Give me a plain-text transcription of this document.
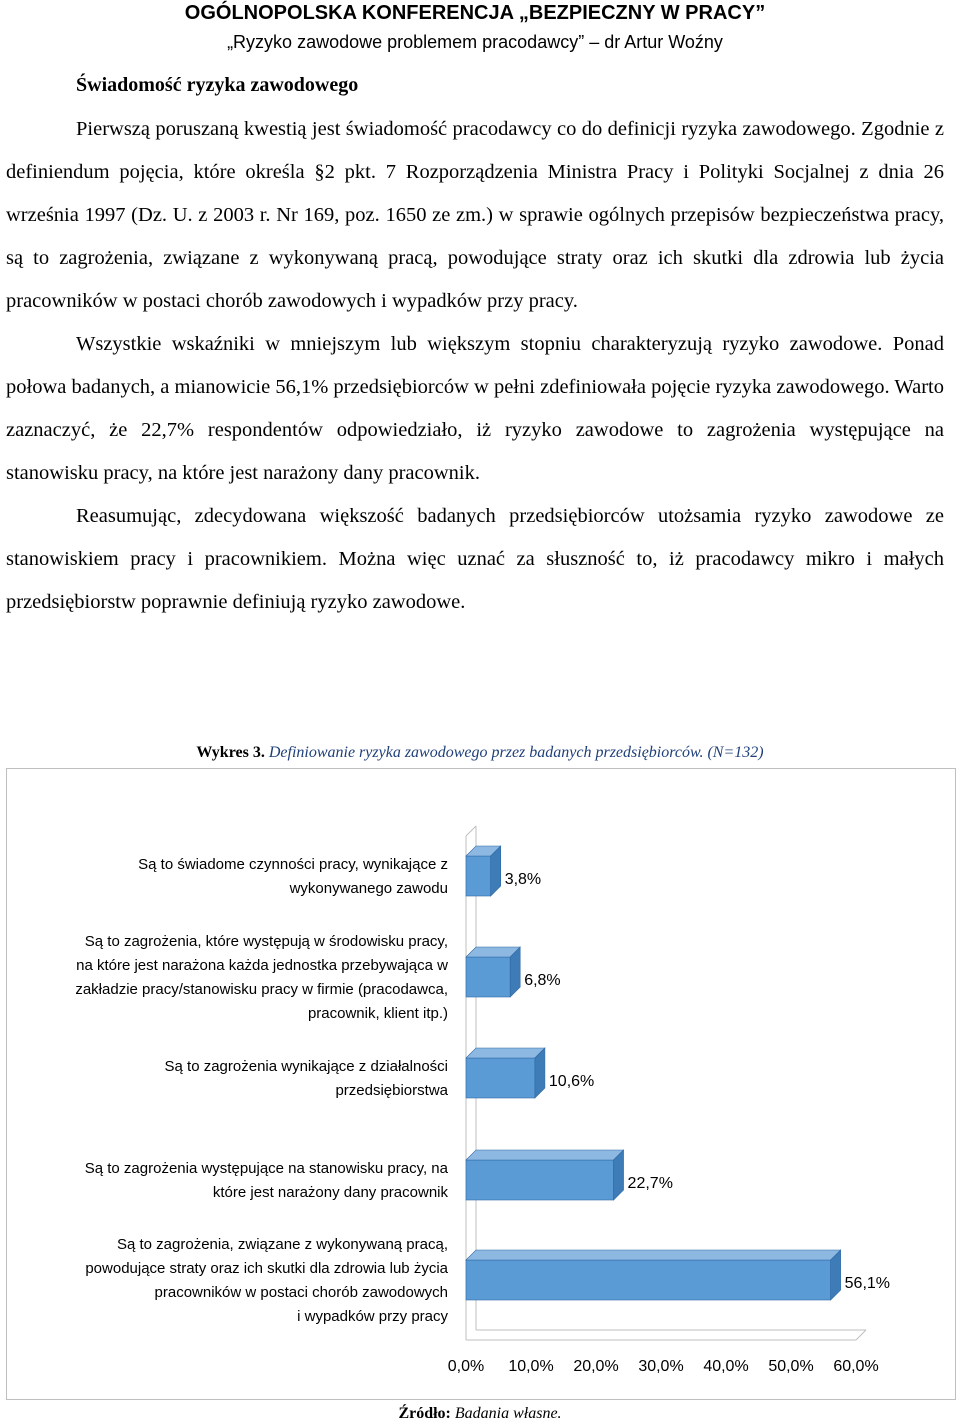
OGÓLNOPOLSKA KONFERENCJA „BEZPIECZNY W PRACY”
„Ryzyko zawodowe problemem pracodawcy” – dr Artur Woźny
Świadomość ryzyka zawodowego

Pierwszą poruszaną kwestią jest świadomość pracodawcy co do definicji ryzyka zawodowego. Zgodnie z definiendum pojęcia, które określa §2 pkt. 7 Rozporządzenia Ministra Pracy i Polityki Socjalnej z dnia 26 września 1997 (Dz. U. z 2003 r. Nr 169, poz. 1650 ze zm.) w sprawie ogólnych przepisów bezpieczeństwa pracy, są to zagrożenia, związane z wykonywaną pracą, powodujące straty oraz ich skutki dla zdrowia lub życia pracowników w postaci chorób zawodowych i wypadków przy pracy.

Wszystkie wskaźniki w mniejszym lub większym stopniu charakteryzują ryzyko zawodowe. Ponad połowa badanych, a mianowicie 56,1% przedsiębiorców w pełni zdefiniowała pojęcie ryzyka zawodowego. Warto zaznaczyć, że 22,7% respondentów odpowiedziało, iż ryzyko zawodowe to zagrożenia występujące na stanowisku pracy, na które jest narażony dany pracownik.

Reasumując, zdecydowana większość badanych przedsiębiorców utożsamia ryzyko zawodowe ze stanowiskiem pracy i pracownikiem. Można więc uznać za słuszność to, iż pracodawcy mikro i małych przedsiębiorstw poprawnie definiują ryzyko zawodowe.

Wykres 3. Definiowanie ryzyka zawodowego przez badanych przedsiębiorców. (N=132)
0,0% 10,0% 20,0% 30,0% 40,0% 50,0% 60,0%
3,8%
Są to świadome czynności pracy, wynikające z
wykonywanego zawodu
6,8%
Są to zagrożenia, które występują w środowisku pracy,
na które jest narażona każda jednostka przebywająca w
zakładzie pracy/stanowisku pracy w firmie (pracodawca,
pracownik, klient itp.)
10,6%
Są to zagrożenia wynikające z działalności
przedsiębiorstwa
22,7%
Są to zagrożenia występujące na stanowisku pracy, na
które jest narażony dany pracownik
56,1%
Są to zagrożenia, związane z wykonywaną pracą,
powodujące straty oraz ich skutki dla zdrowia lub życia
pracowników w postaci chorób zawodowych
i wypadków przy pracy
Źródło: Badania własne.
